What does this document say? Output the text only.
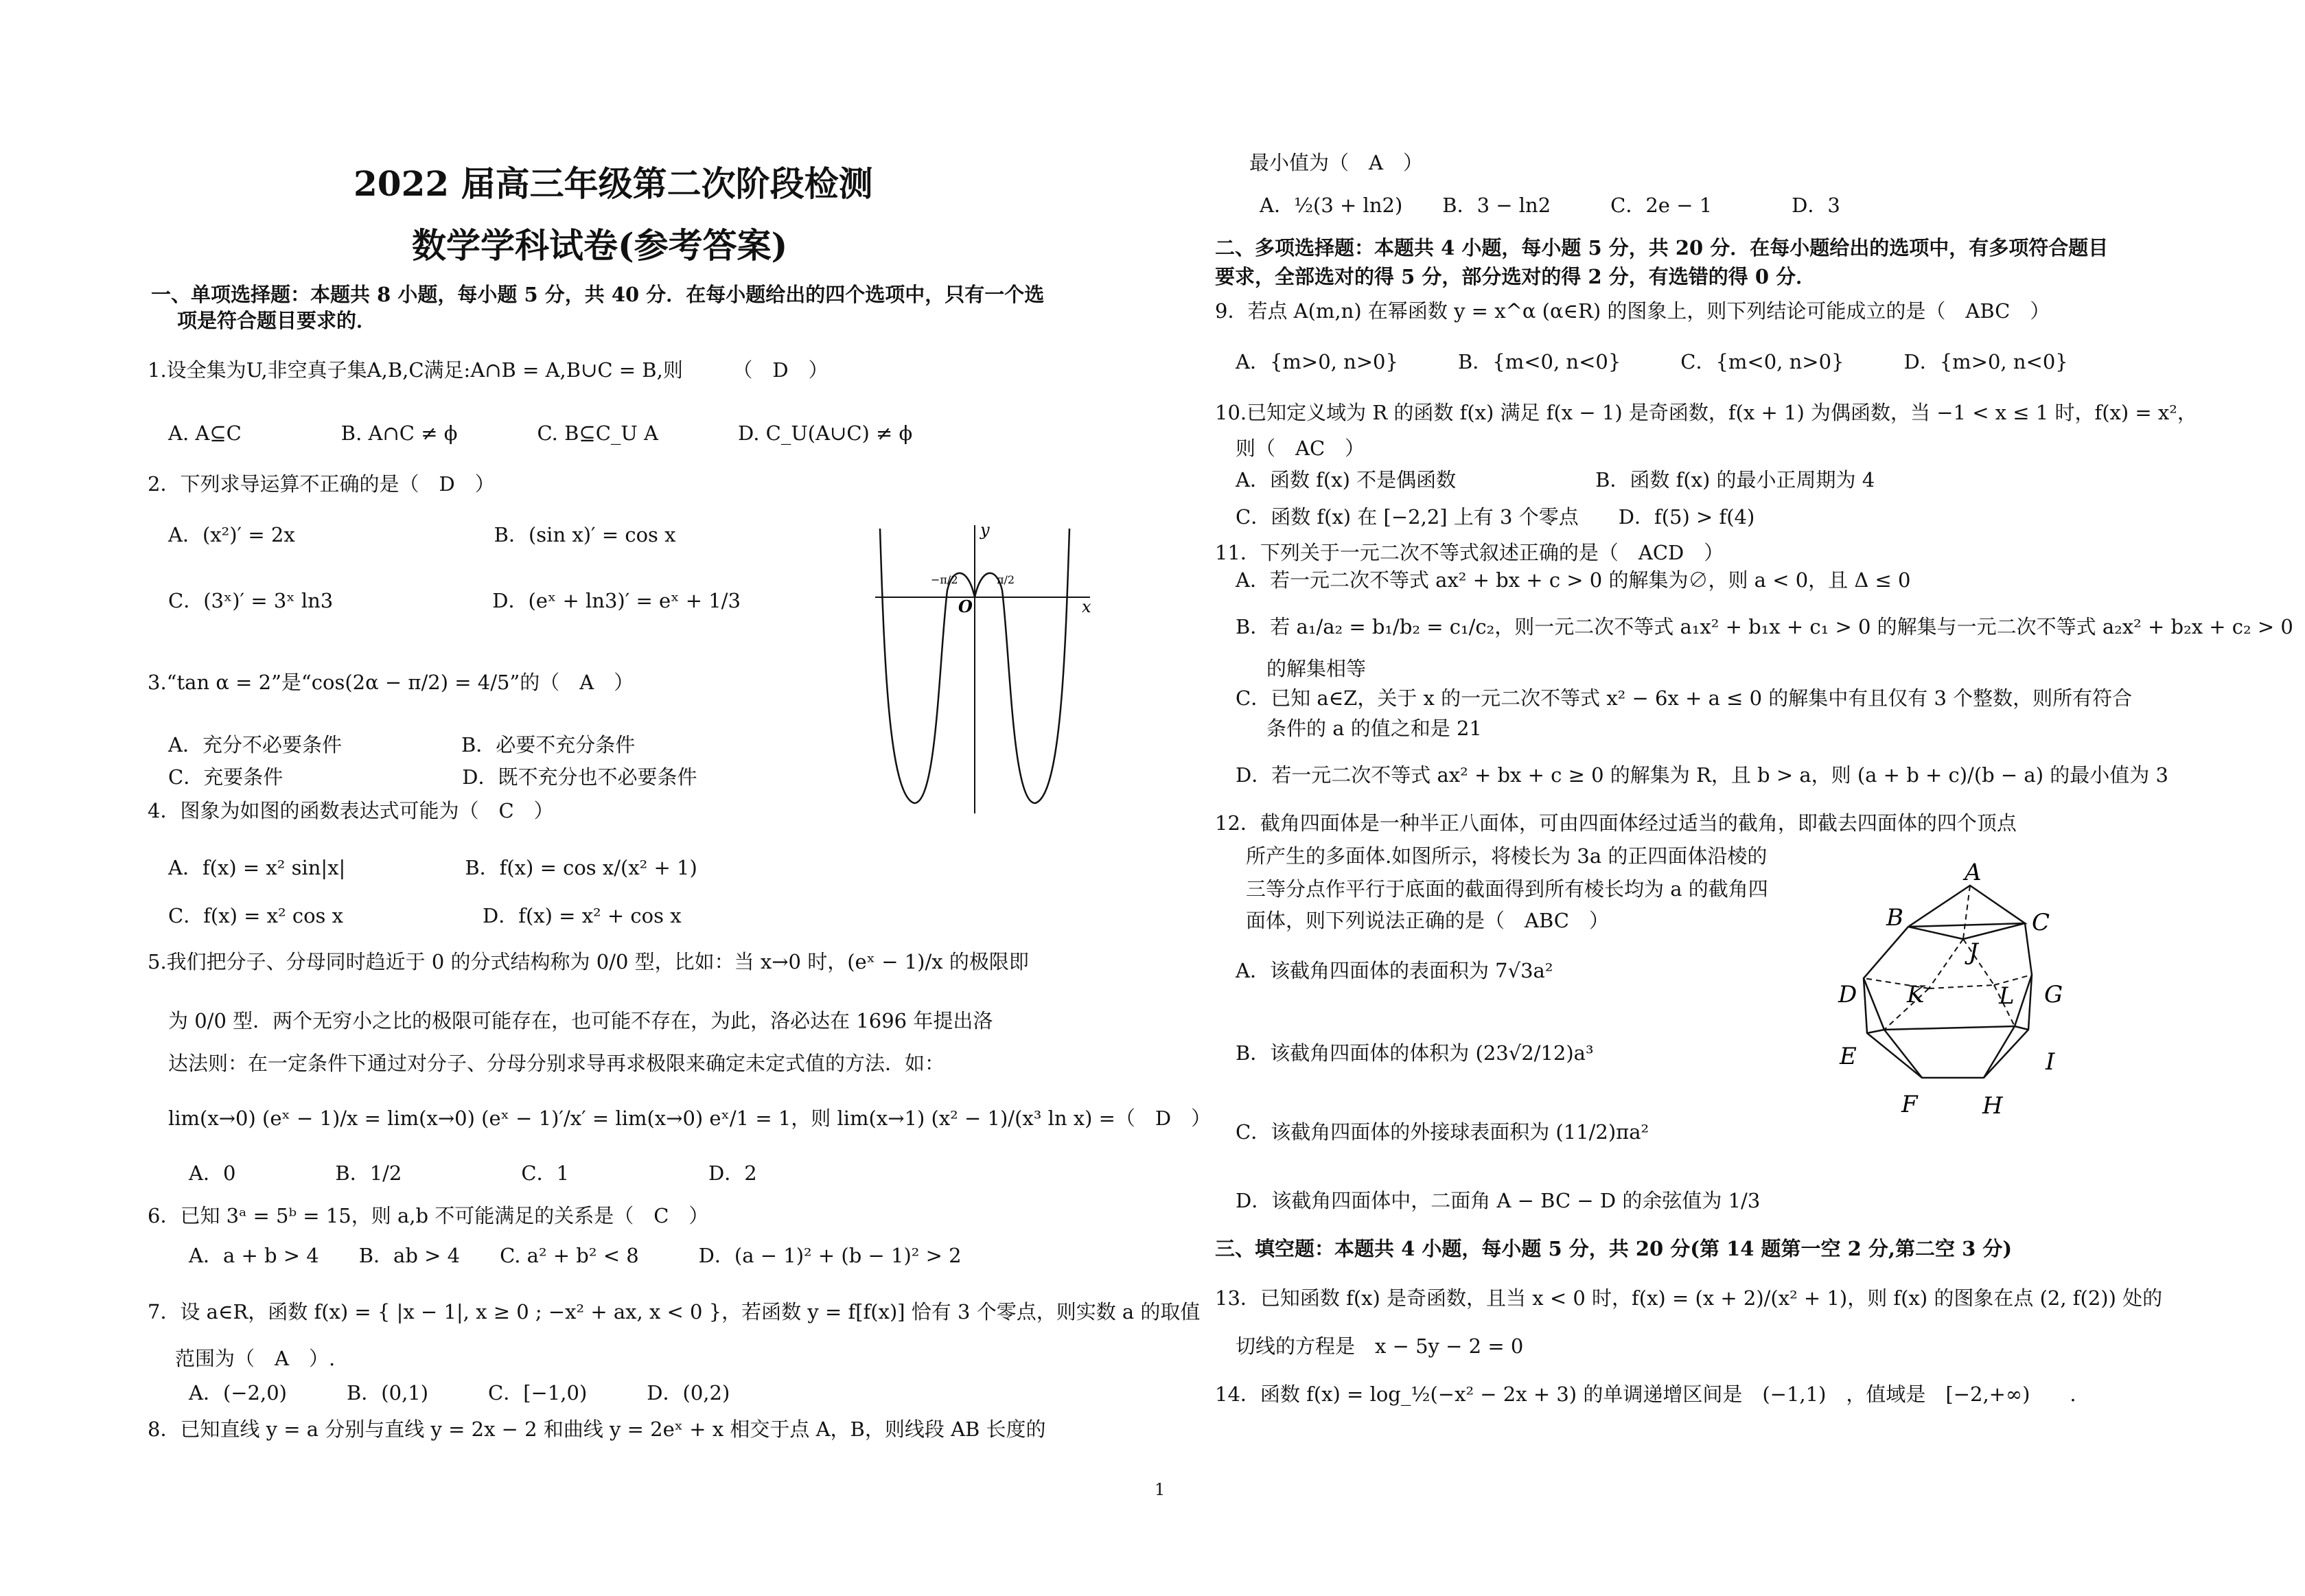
2022 届高三年级第二次阶段检测
数学学科试卷(参考答案)
一、单项选择题：本题共 8 小题，每小题 5 分，共 40 分．在每小题给出的四个选项中，只有一个选
项是符合题目要求的．
1.设全集为U,非空真子集A,B,C满足:A∩B = A,B∪C = B,则　　　（　D　）
A. A⊆C　　　　　B. A∩C ≠ ϕ　　　　C. B⊆C_U A　　　　D. C_U(A∪C) ≠ ϕ
2．下列求导运算不正确的是（　D　）
A．(x²)′ = 2x　　　　　　　　　　B．(sin x)′ = cos x
C．(3ˣ)′ = 3ˣ ln3　　　　　　　　D．(eˣ + ln3)′ = eˣ + 1/3
3.“tan α = 2”是“cos(2α − π/2) = 4/5”的（　A　）
A．充分不必要条件　　　　　　B．必要不充分条件
C．充要条件　　　　　　　　　D．既不充分也不必要条件
4．图象为如图的函数表达式可能为（　C　）
A．f(x) = x² sin|x|　　　　　　B．f(x) = cos x/(x² + 1)
C．f(x) = x² cos x　　　　　　　D．f(x) = x² + cos x
5.我们把分子、分母同时趋近于 0 的分式结构称为 0/0 型，比如：当 x→0 时，(eˣ − 1)/x 的极限即
为 0/0 型．两个无穷小之比的极限可能存在，也可能不存在，为此，洛必达在 1696 年提出洛
达法则：在一定条件下通过对分子、分母分别求导再求极限来确定未定式值的方法．如：
lim(x→0) (eˣ − 1)/x = lim(x→0) (eˣ − 1)′/x′ = lim(x→0) eˣ/1 = 1，则 lim(x→1) (x² − 1)/(x³ ln x) =（　D　）
A．0　　　　　B．1/2　　　　　　C．1　　　　　　　D．2
6．已知 3ᵃ = 5ᵇ = 15，则 a,b 不可能满足的关系是（　C　）
A．a + b > 4　　B．ab > 4　　C. a² + b² < 8　　　D．(a − 1)² + (b − 1)² > 2
7．设 a∈R，函数 f(x) = { |x − 1|, x ≥ 0 ; −x² + ax, x < 0 }，若函数 y = f[f(x)] 恰有 3 个零点，则实数 a 的取值
范围为（　A　）.
A．(−2,0)　　　B．(0,1)　　　C．[−1,0)　　　D．(0,2)
8．已知直线 y = a 分别与直线 y = 2x − 2 和曲线 y = 2eˣ + x 相交于点 A，B，则线段 AB 长度的
y
x
O
−π/2	π/2
最小值为（　A　）
A．½(3 + ln2)　　B．3 − ln2　　　C．2e − 1　　　　D．3
二、多项选择题：本题共 4 小题，每小题 5 分，共 20 分．在每小题给出的选项中，有多项符合题目
要求，全部选对的得 5 分，部分选对的得 2 分，有选错的得 0 分．
9．若点 A(m,n) 在幂函数 y = x^α (α∈R) 的图象上，则下列结论可能成立的是（　ABC　）
A．{m>0, n>0}　　　B．{m<0, n<0}　　　C．{m<0, n>0}　　　D．{m>0, n<0}
10.已知定义域为 R 的函数 f(x) 满足 f(x − 1) 是奇函数，f(x + 1) 为偶函数，当 −1 < x ≤ 1 时，f(x) = x²，
则（　AC　）
A．函数 f(x) 不是偶函数　　　　　　　B．函数 f(x) 的最小正周期为 4
C．函数 f(x) 在 [−2,2] 上有 3 个零点　　D．f(5) > f(4)
11．下列关于一元二次不等式叙述正确的是（　ACD　）
A．若一元二次不等式 ax² + bx + c > 0 的解集为∅，则 a < 0，且 Δ ≤ 0
B．若 a₁/a₂ = b₁/b₂ = c₁/c₂，则一元二次不等式 a₁x² + b₁x + c₁ > 0 的解集与一元二次不等式 a₂x² + b₂x + c₂ > 0
的解集相等
C．已知 a∈Z，关于 x 的一元二次不等式 x² − 6x + a ≤ 0 的解集中有且仅有 3 个整数，则所有符合
条件的 a 的值之和是 21
D．若一元二次不等式 ax² + bx + c ≥ 0 的解集为 R，且 b > a，则 (a + b + c)/(b − a) 的最小值为 3
12．截角四面体是一种半正八面体，可由四面体经过适当的截角，即截去四面体的四个顶点
所产生的多面体.如图所示，将棱长为 3a 的正四面体沿棱的
三等分点作平行于底面的截面得到所有棱长均为 a 的截角四
面体，则下列说法正确的是（　ABC　）
A．该截角四面体的表面积为 7√3a²
B．该截角四面体的体积为 (23√2/12)a³
C．该截角四面体的外接球表面积为 (11/2)πa²
D．该截角四面体中，二面角 A − BC − D 的余弦值为 1/3
三、填空题：本题共 4 小题，每小题 5 分，共 20 分(第 14 题第一空 2 分,第二空 3 分)
13．已知函数 f(x) 是奇函数，且当 x < 0 时，f(x) = (x + 2)/(x² + 1)，则 f(x) 的图象在点 (2, f(2)) 处的
切线的方程是　x − 5y − 2 = 0　
14．函数 f(x) = log_½(−x² − 2x + 3) 的单调递增区间是　(−1,1)　，值域是　[−2,+∞)　　.
A
B	C
J
D K	L G
E	I
F	H
1
